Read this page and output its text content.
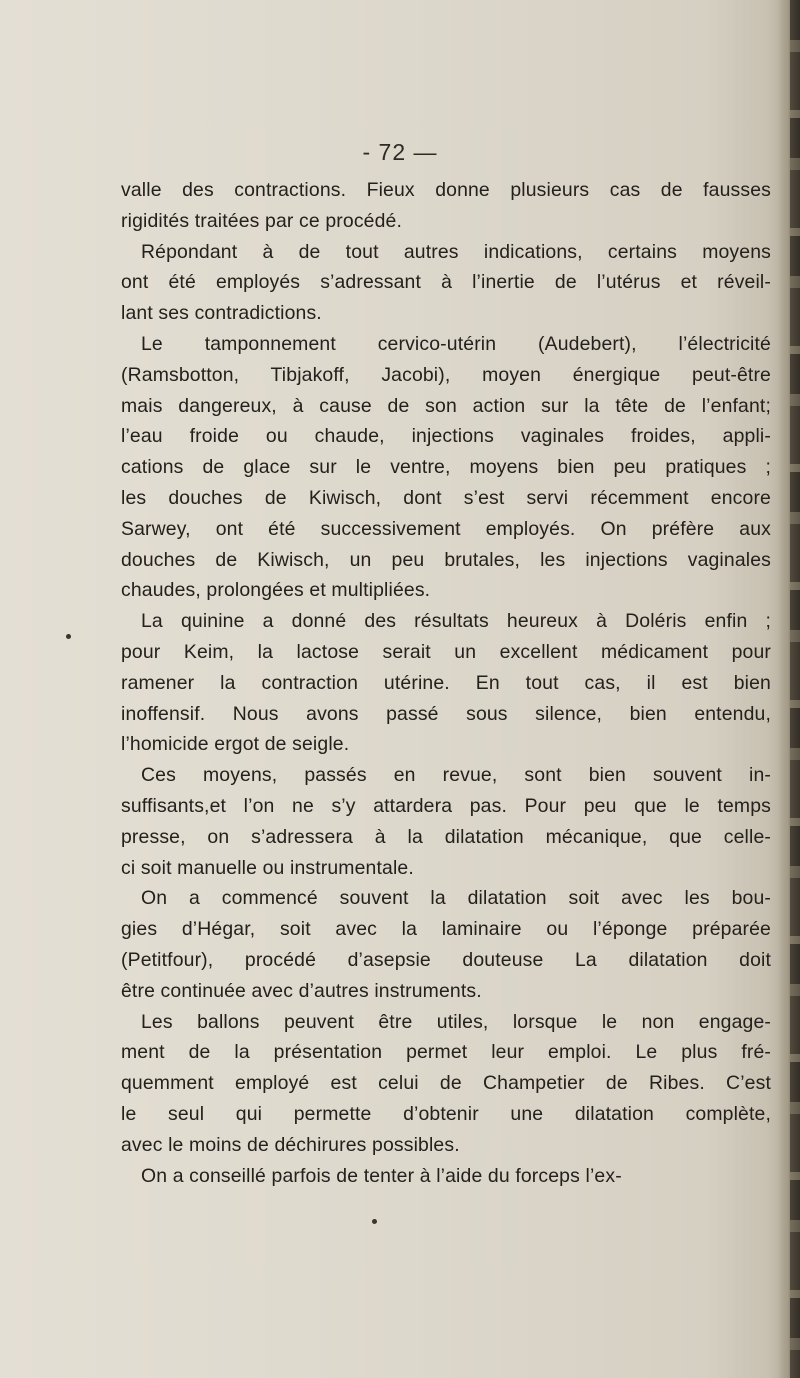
- 72 —
valle des contractions. Fieux donne plusieurs cas de fausses
rigidités traitées par ce procédé.
Répondant à de tout autres indications, certains moyens
ont été employés s’adressant à l’inertie de l’utérus et réveil-
lant ses contradictions.
Le tamponnement cervico-utérin (Audebert), l’électricité
(Ramsbotton, Tibjakoff, Jacobi), moyen énergique peut-être
mais dangereux, à cause de son action sur la tête de l’enfant;
l’eau froide ou chaude, injections vaginales froides, appli-
cations de glace sur le ventre, moyens bien peu pratiques ;
les douches de Kiwisch, dont s’est servi récemment encore
Sarwey, ont été successivement employés. On préfère aux
douches de Kiwisch, un peu brutales, les injections vaginales
chaudes, prolongées et multipliées.
La quinine a donné des résultats heureux à Doléris enfin ;
pour Keim, la lactose serait un excellent médicament pour
ramener la contraction utérine. En tout cas, il est bien
inoffensif. Nous avons passé sous silence, bien entendu,
l’homicide ergot de seigle.
Ces moyens, passés en revue, sont bien souvent in-
suffisants,et l’on ne s’y attardera pas. Pour peu que le temps
presse, on s’adressera à la dilatation mécanique, que celle-
ci soit manuelle ou instrumentale.
On a commencé souvent la dilatation soit avec les bou-
gies d’Hégar, soit avec la laminaire ou l’éponge préparée
(Petitfour), procédé d’asepsie douteuse La dilatation doit
être continuée avec d’autres instruments.
Les ballons peuvent être utiles, lorsque le non engage-
ment de la présentation permet leur emploi. Le plus fré-
quemment employé est celui de Champetier de Ribes. C’est
le seul qui permette d’obtenir une dilatation complète,
avec le moins de déchirures possibles.
On a conseillé parfois de tenter à l’aide du forceps l’ex-
